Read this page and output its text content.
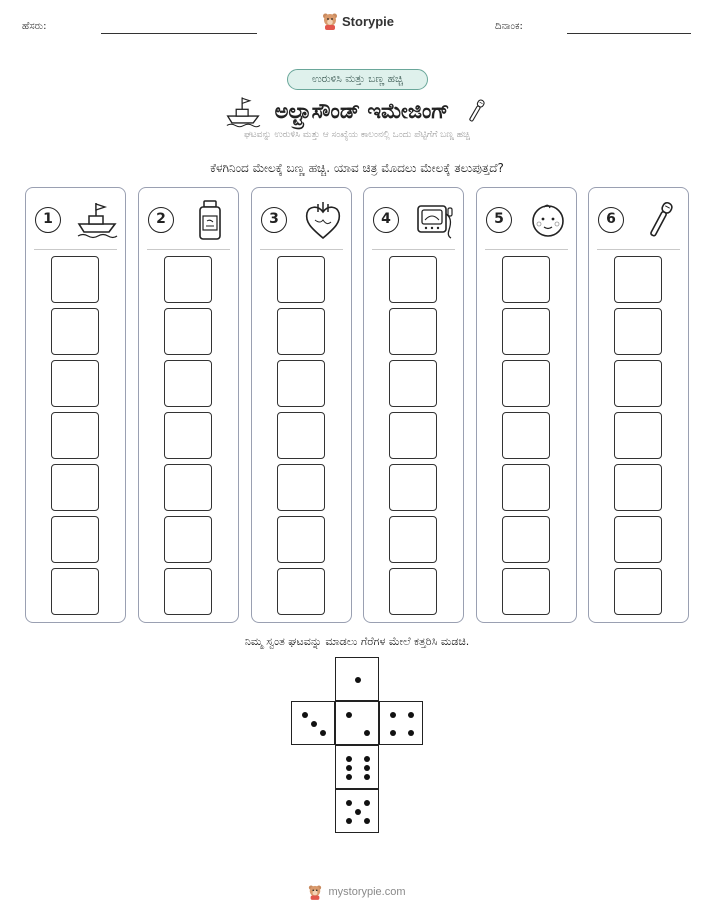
ಹೆಸರು:	Storypie	ದಿನಾಂಕ:
ಉರುಳಿಸಿ ಮತ್ತು ಬಣ್ಣ ಹಚ್ಚಿ
ಅಲ್ಟ್ರಾಸೌಂಡ್ ಇಮೇಜಿಂಗ್
ಘಟವನ್ನು ಉರುಳಿಸಿ ಮತ್ತು ಆ ಸಂಖ್ಯೆಯ ಕಾಲಂನಲ್ಲಿ ಒಂದು ಪೆಟ್ಟಿಗೆಗೆ ಬಣ್ಣ ಹಚ್ಚಿ
ಕೆಳಗಿನಿಂದ ಮೇಲಕ್ಕೆ ಬಣ್ಣ ಹಚ್ಚಿ. ಯಾವ ಚಿತ್ರ ಮೊದಲು ಮೇಲಕ್ಕೆ ತಲುಪುತ್ತದೆ?
1	2	3	4	5	6
ನಿಮ್ಮ ಸ್ವಂತ ಘಟವನ್ನು ಮಾಡಲು ಗೆರೆಗಳ ಮೇಲೆ ಕತ್ತರಿಸಿ ಮಡಚಿ.
mystorypie.com
